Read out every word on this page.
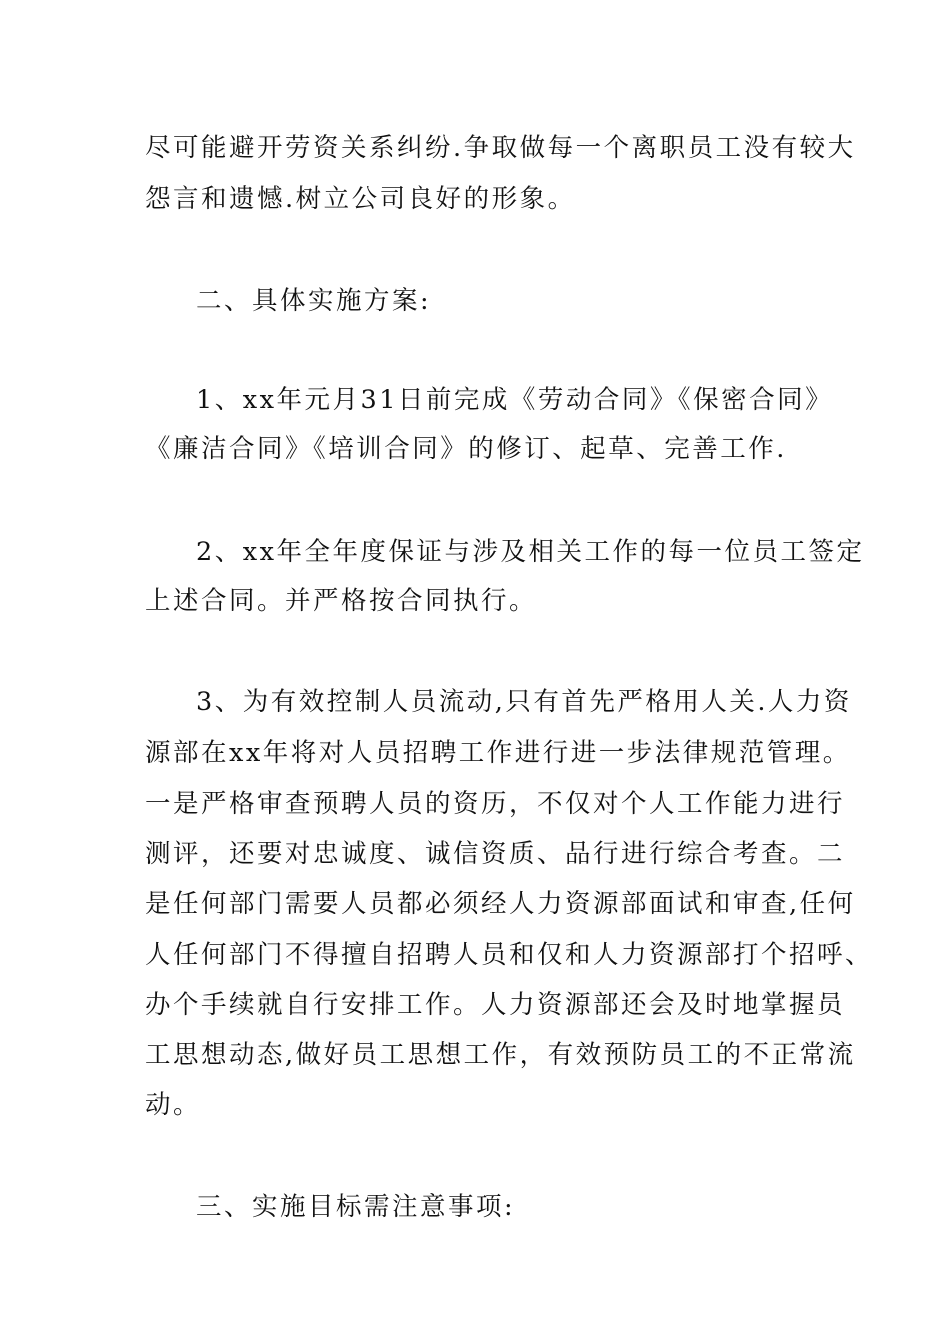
尽可能避开劳资关系纠纷.争取做每一个离职员工没有较大
怨言和遗憾.树立公司良好的形象。
二、具体实施方案:
1、xx年元月31日前完成《劳动合同》《保密合同》
《廉洁合同》《培训合同》的修订、起草、完善工作.
2、xx年全年度保证与涉及相关工作的每一位员工签定
上述合同。并严格按合同执行。
3、为有效控制人员流动,只有首先严格用人关.人力资
源部在xx年将对人员招聘工作进行进一步法律规范管理。
一是严格审查预聘人员的资历，不仅对个人工作能力进行
测评，还要对忠诚度、诚信资质、品行进行综合考查。二
是任何部门需要人员都必须经人力资源部面试和审查,任何
人任何部门不得擅自招聘人员和仅和人力资源部打个招呼、
办个手续就自行安排工作。人力资源部还会及时地掌握员
工思想动态,做好员工思想工作，有效预防员工的不正常流
动。
三、实施目标需注意事项:
